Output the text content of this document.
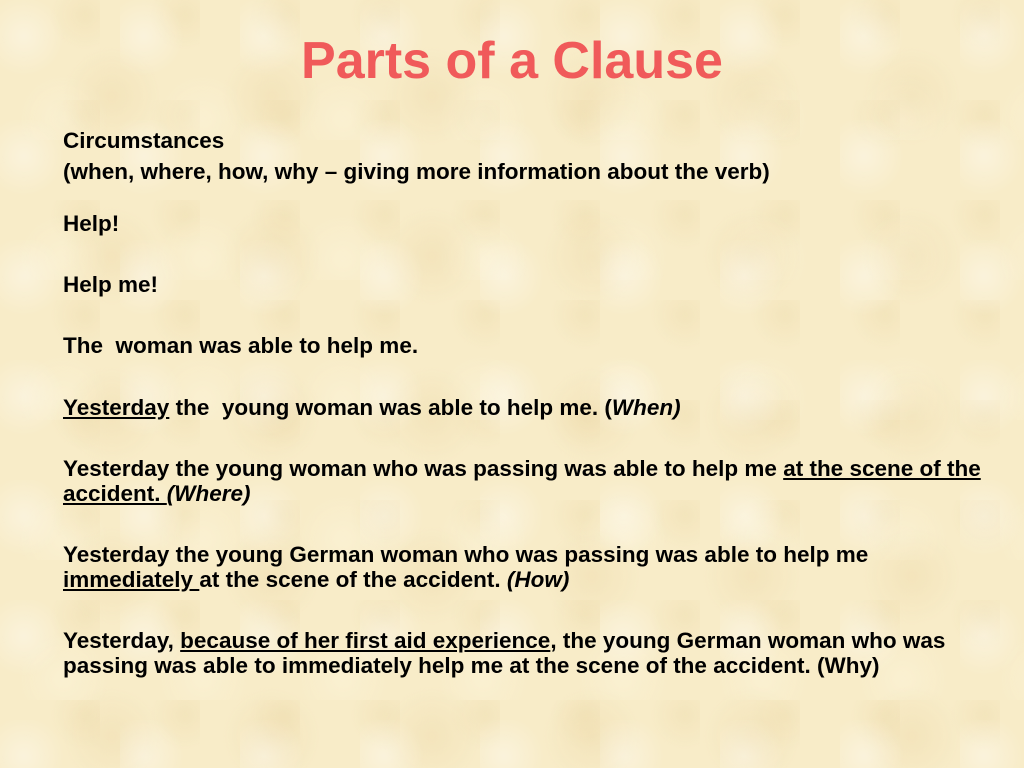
Parts of a Clause
Circumstances
(when, where, how, why – giving more information about the verb)
Help!
Help me!
The  woman was able to help me.
Yesterday the  young woman was able to help me. (When)
Yesterday the young woman who was passing was able to help me at the scene of the accident. (Where)
Yesterday the young German woman who was passing was able to help me immediately at the scene of the accident. (How)
Yesterday, because of her first aid experience, the young German woman who was passing was able to immediately help me at the scene of the accident. (Why)
